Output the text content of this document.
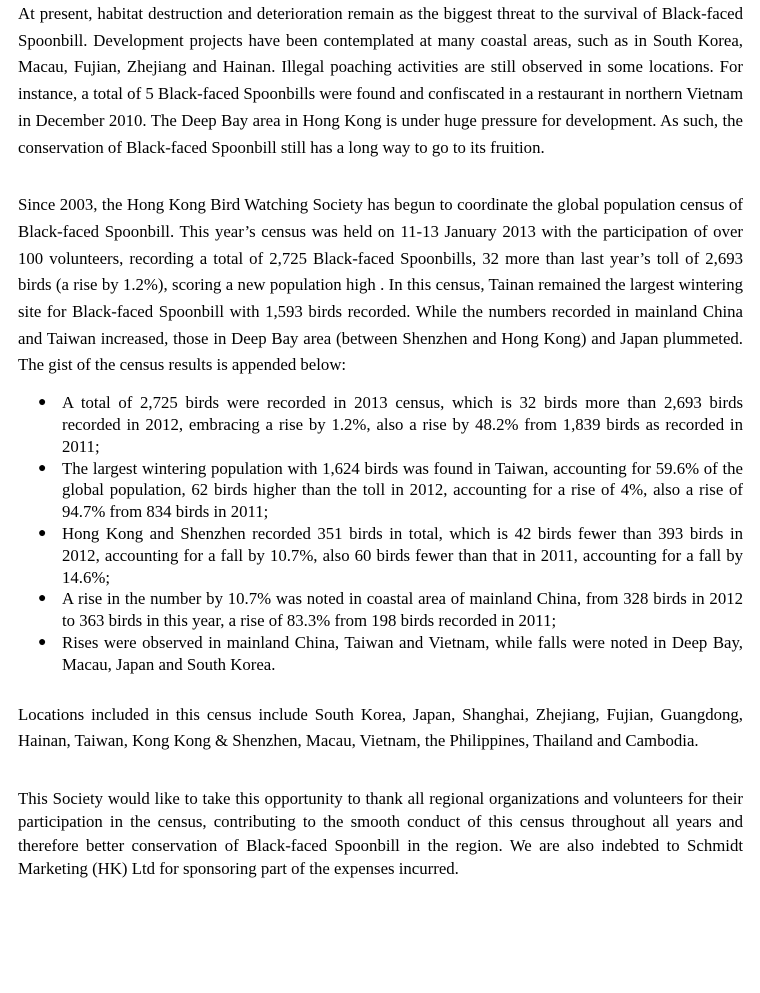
At present, habitat destruction and deterioration remain as the biggest threat to the survival of Black-faced Spoonbill. Development projects have been contemplated at many coastal areas, such as in South Korea, Macau, Fujian, Zhejiang and Hainan. Illegal poaching activities are still observed in some locations. For instance, a total of 5 Black-faced Spoonbills were found and confiscated in a restaurant in northern Vietnam in December 2010. The Deep Bay area in Hong Kong is under huge pressure for development. As such, the conservation of Black-faced Spoonbill still has a long way to go to its fruition.

Since 2003, the Hong Kong Bird Watching Society has begun to coordinate the global population census of Black-faced Spoonbill. This year’s census was held on 11-13 January 2013 with the participation of over 100 volunteers, recording a total of 2,725 Black-faced Spoonbills, 32 more than last year’s toll of 2,693 birds (a rise by 1.2%), scoring a new population high . In this census, Tainan remained the largest wintering site for Black-faced Spoonbill with 1,593 birds recorded. While the numbers recorded in mainland China and Taiwan increased, those in Deep Bay area (between Shenzhen and Hong Kong) and Japan plummeted. The gist of the census results is appended below:

● A total of 2,725 birds were recorded in 2013 census, which is 32 birds more than 2,693 birds recorded in 2012, embracing a rise by 1.2%, also a rise by 48.2% from 1,839 birds as recorded in 2011;
● The largest wintering population with 1,624 birds was found in Taiwan, accounting for 59.6% of the global population, 62 birds higher than the toll in 2012, accounting for a rise of 4%, also a rise of 94.7% from 834 birds in 2011;
● Hong Kong and Shenzhen recorded 351 birds in total, which is 42 birds fewer than 393 birds in 2012, accounting for a fall by 10.7%, also 60 birds fewer than that in 2011, accounting for a fall by 14.6%;
● A rise in the number by 10.7% was noted in coastal area of mainland China, from 328 birds in 2012 to 363 birds in this year, a rise of 83.3% from 198 birds recorded in 2011;
● Rises were observed in mainland China, Taiwan and Vietnam, while falls were noted in Deep Bay, Macau, Japan and South Korea.

Locations included in this census include South Korea, Japan, Shanghai, Zhejiang, Fujian, Guangdong, Hainan, Taiwan, Kong Kong & Shenzhen, Macau, Vietnam, the Philippines, Thailand and Cambodia.

This Society would like to take this opportunity to thank all regional organizations and volunteers for their participation in the census, contributing to the smooth conduct of this census throughout all years and therefore better conservation of Black-faced Spoonbill in the region. We are also indebted to Schmidt Marketing (HK) Ltd for sponsoring part of the expenses incurred.
